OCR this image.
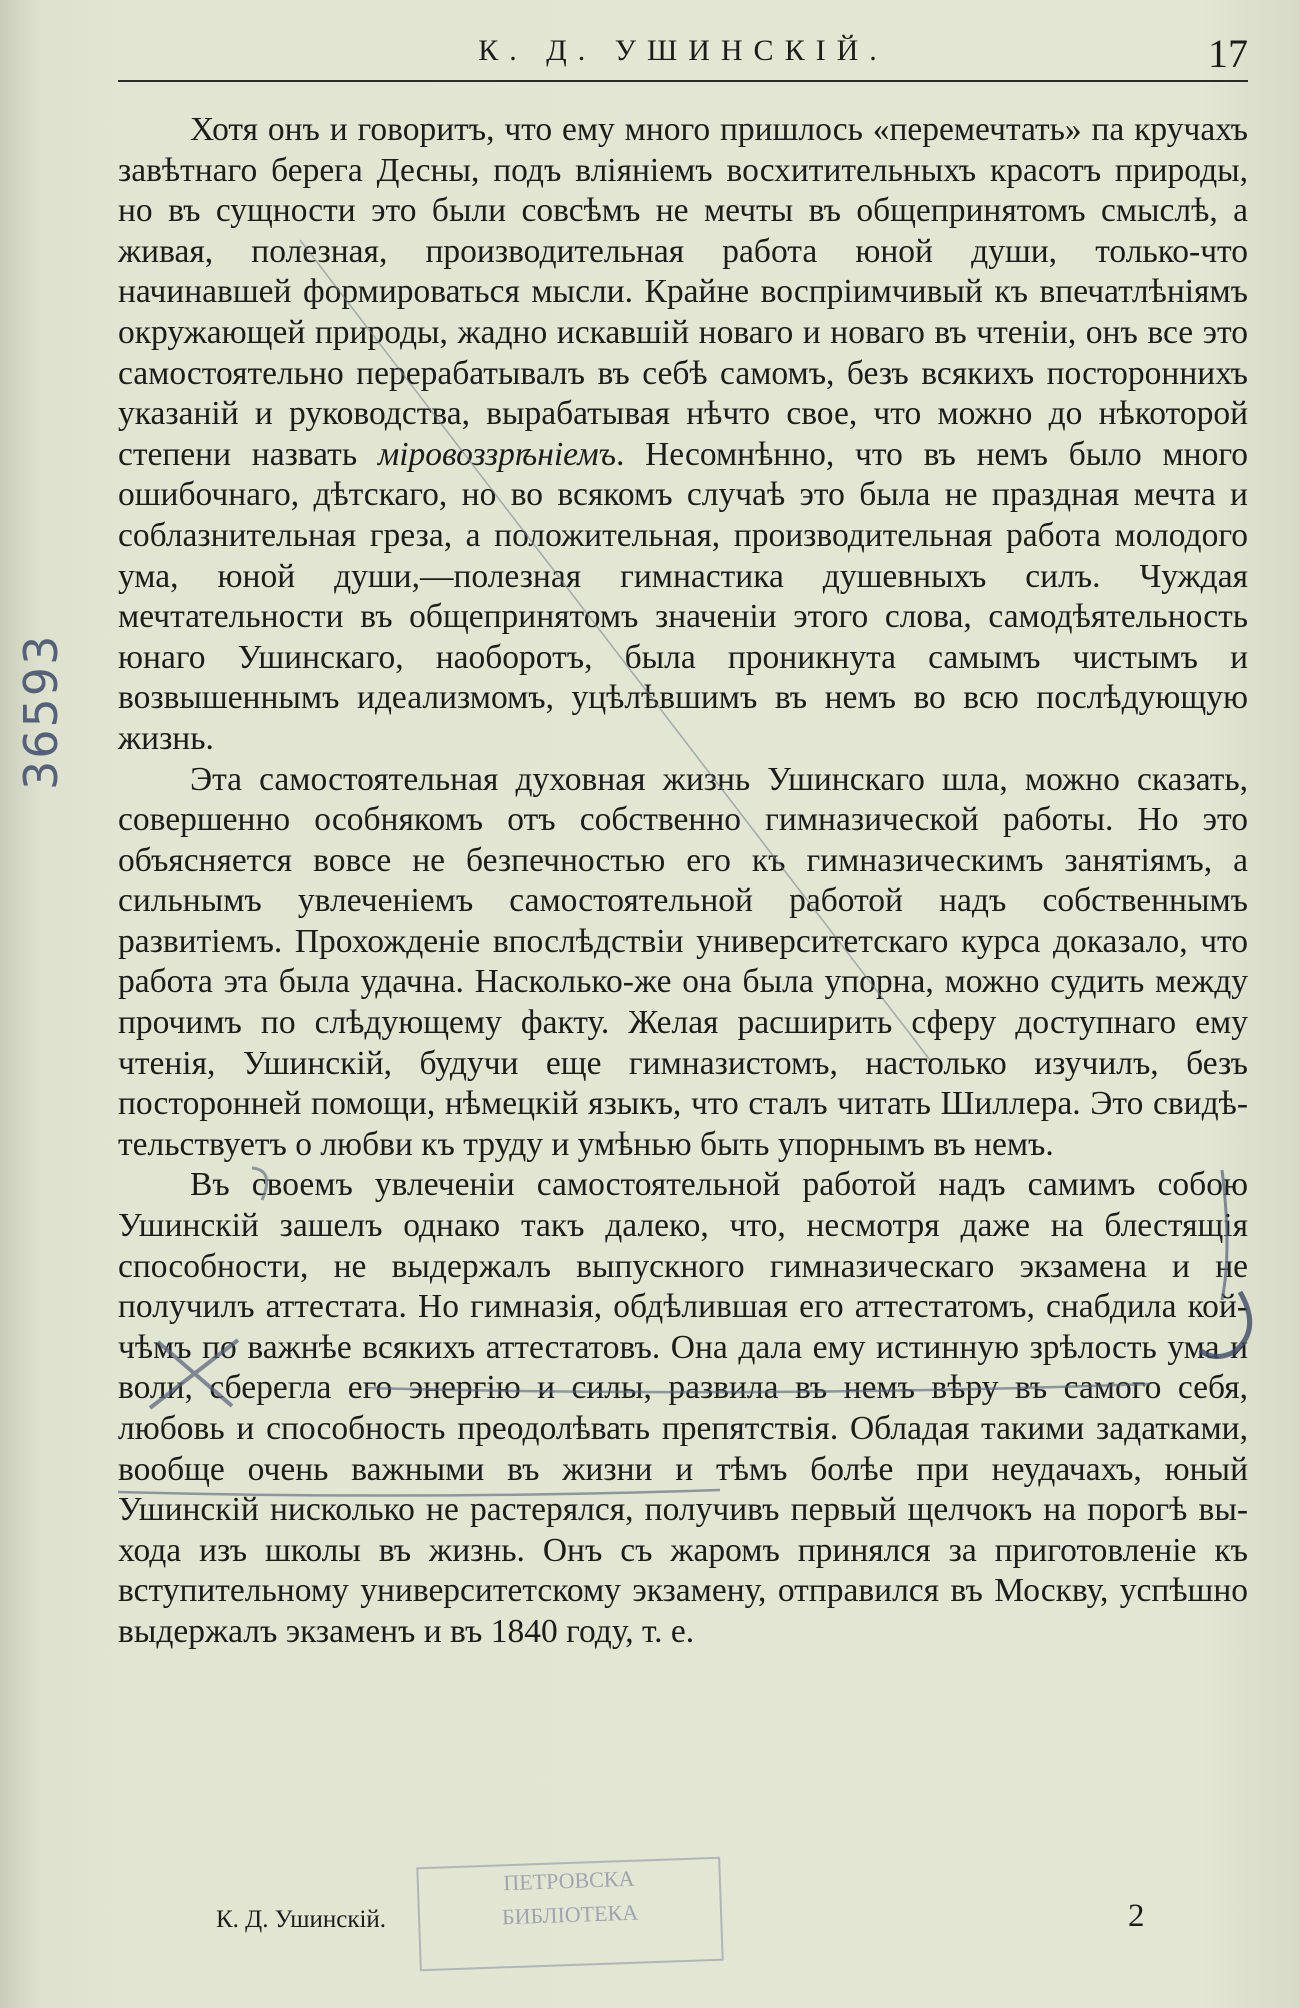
К. Д. УШИНСКІЙ.	17

Хотя онъ и говоритъ, что ему много пришлось «перемечтать» па кручахъ завѣтнаго берега Десны, подъ вліяніемъ восхитительныхъ красотъ природы, но въ сущности это были совсѣмъ не мечты въ общепринятомъ смыслѣ, а живая, полезная, производительная работа юной души, только-что начинавшей формироваться мысли. Крайне воспріимчивый къ впечатлѣніямъ окружающей природы, жадно искавшій новаго и новаго въ чтеніи, онъ все это самостоятельно перерабатывалъ въ себѣ самомъ, безъ всякихъ постороннихъ указаній и руководства, вырабатывая нѣчто свое, что можно до нѣкоторой степени назвать міровоззрѣніемъ. Несомнѣнно, что въ немъ было много ошибочнаго, дѣтскаго, но во всякомъ случаѣ это была не праздная мечта и соблазнительная греза, а положительная, производительная работа молодого ума, юной души,—полезная гимнастика душевныхъ силъ. Чуждая мечтательности въ общепринятомъ значеніи этого слова, самодѣятельность юнаго Ушинскаго, наоборотъ, была проникнута самымъ чистымъ и возвышеннымъ идеализмомъ, уцѣлѣвшимъ въ немъ во всю послѣдующую жизнь.

Эта самостоятельная духовная жизнь Ушинскаго шла, можно сказать, совершенно особнякомъ отъ собственно гимназической работы. Но это объясняется вовсе не безпечностью его къ гимназическимъ занятіямъ, а сильнымъ увлеченіемъ самостоятельной работой надъ собственнымъ развитіемъ. Прохожденіе впослѣдствіи университетскаго курса доказало, что работа эта была удачна. Насколько-же она была упорна, можно судить между прочимъ по слѣдующему факту. Желая расширить сферу доступнаго ему чтенія, Ушинскій, будучи еще гимназистомъ, настолько изучилъ, безъ посторонней помощи, нѣмецкій языкъ, что сталъ читать Шиллера. Это свидѣтельствуетъ о любви къ труду и умѣнью быть упорнымъ въ немъ.

Въ своемъ увлеченіи самостоятельной работой надъ самимъ собою Ушинскій зашелъ однако такъ далеко, что, несмотря даже на блестящія способности, не выдержалъ выпускного гимназическаго экзамена и не получилъ аттестата. Но гимназія, обдѣлившая его аттестатомъ, снабдила кой-чѣмъ по важнѣе всякихъ аттестатовъ. Она дала ему истинную зрѣлость ума и воли, сберегла его энергію и силы, развила въ немъ вѣру въ самого себя, любовь и способность преодолѣвать препятствія. Обладая такими задатками, вообще очень важными въ жизни и тѣмъ болѣе при неудачахъ, юный Ушинскій нисколько не растерялся, получивъ первый щелчокъ на порогѣ выхода изъ школы въ жизнь. Онъ съ жаромъ принялся за приготовленіе къ вступительному университетскому экзамену, отправился въ Москву, успѣшно выдержалъ экзаменъ и въ 1840 году, т. е.

36593
К. Д. Ушинскій.
ПЕТРОВСКА
БИБЛІОТЕКА	2
